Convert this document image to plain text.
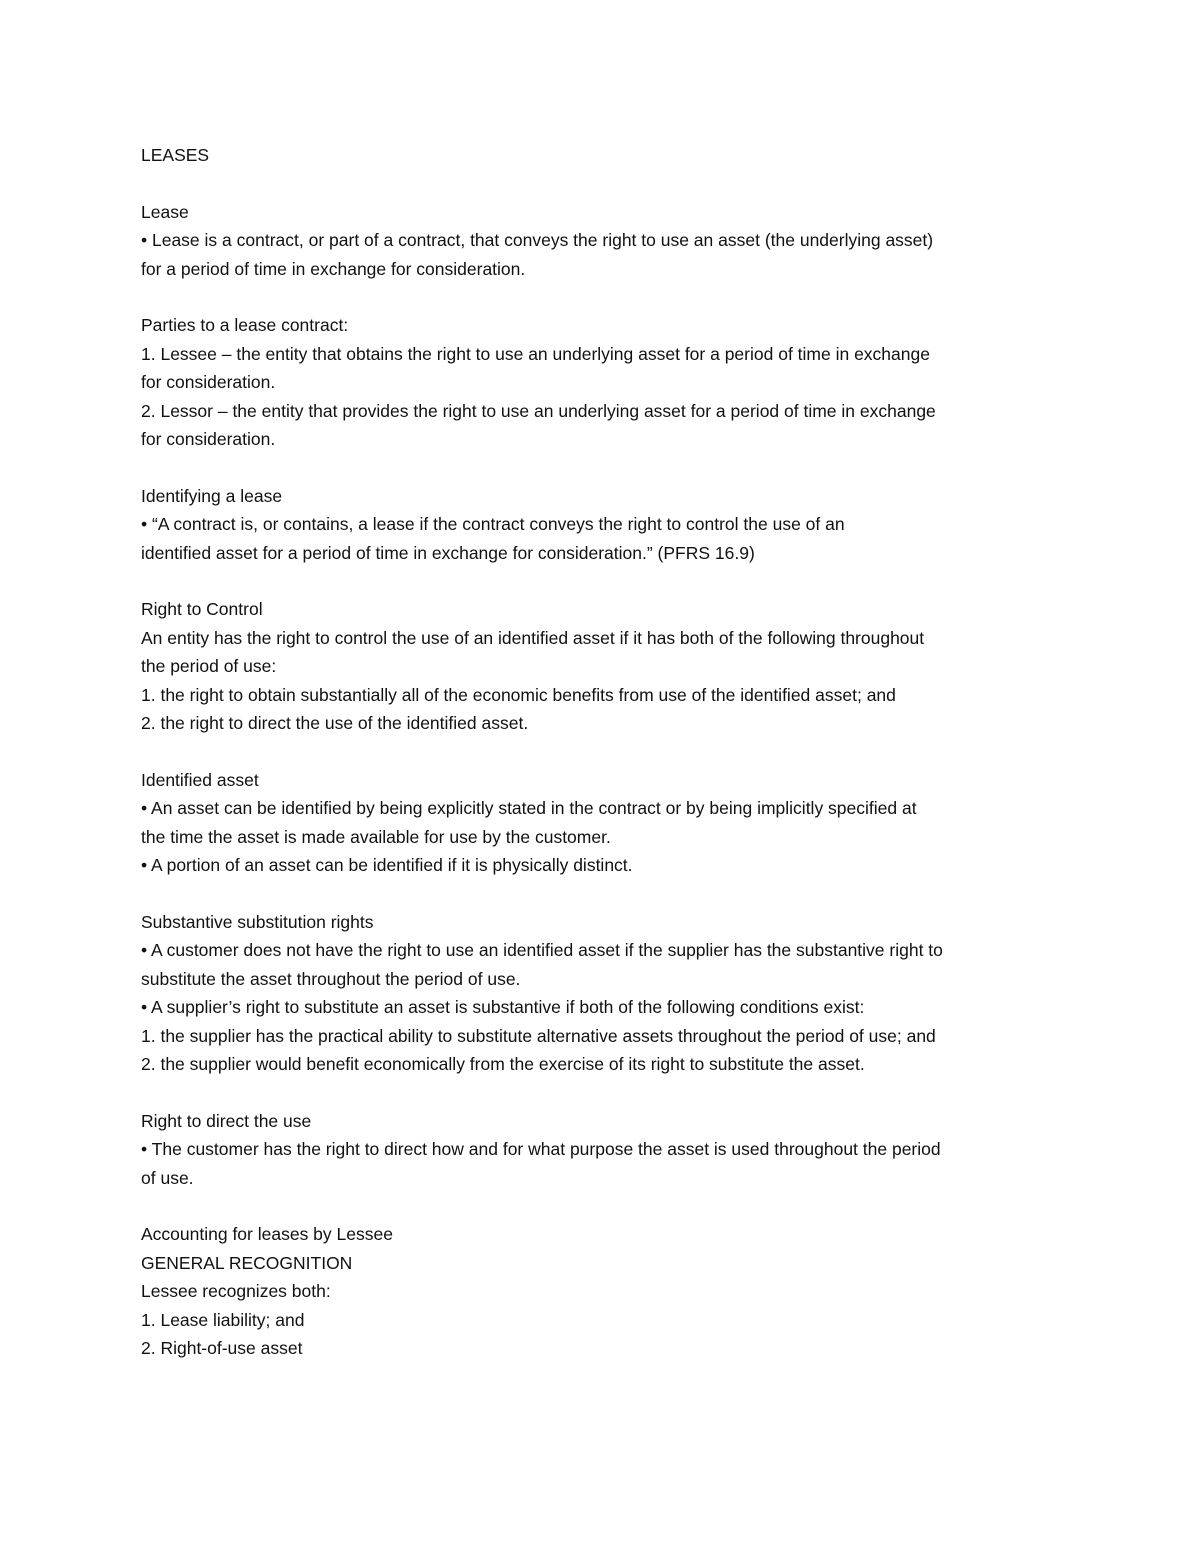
LEASES

Lease

• Lease is a contract, or part of a contract, that conveys the right to use an asset (the underlying asset)

for a period of time in exchange for consideration.

Parties to a lease contract:

1. Lessee – the entity that obtains the right to use an underlying asset for a period of time in exchange

for consideration.

2. Lessor – the entity that provides the right to use an underlying asset for a period of time in exchange

for consideration.

Identifying a lease

• “A contract is, or contains, a lease if the contract conveys the right to control the use of an

identified asset for a period of time in exchange for consideration.” (PFRS 16.9)

Right to Control

An entity has the right to control the use of an identified asset if it has both of the following throughout

the period of use:

1. the right to obtain substantially all of the economic benefits from use of the identified asset; and

2. the right to direct the use of the identified asset.

Identified asset

• An asset can be identified by being explicitly stated in the contract or by being implicitly specified at

the time the asset is made available for use by the customer.

• A portion of an asset can be identified if it is physically distinct.

Substantive substitution rights

• A customer does not have the right to use an identified asset if the supplier has the substantive right to

substitute the asset throughout the period of use.

• A supplier’s right to substitute an asset is substantive if both of the following conditions exist:

1. the supplier has the practical ability to substitute alternative assets throughout the period of use; and

2. the supplier would benefit economically from the exercise of its right to substitute the asset.

Right to direct the use

• The customer has the right to direct how and for what purpose the asset is used throughout the period

of use.

Accounting for leases by Lessee

GENERAL RECOGNITION

Lessee recognizes both:

1. Lease liability; and

2. Right-of-use asset
